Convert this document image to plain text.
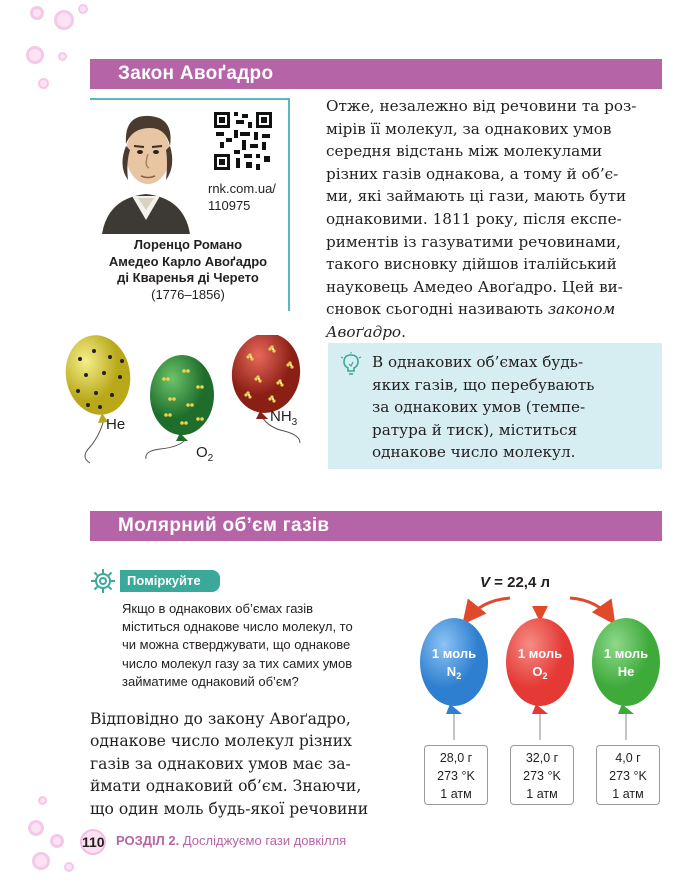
Закон Авоґадро
rnk.com.ua/
110975
Лоренцо Романо
Амедео Карло Авоґадро
ді Кваренья ді Черето
(1776–1856)
Отже, незалежно від речовини та роз-
мірів її молекул, за однакових умов
середня відстань між молекулами
різних газів однакова, а тому й об’є-
ми, які займають ці гази, мають бути
однаковими. 1811 року, після експе-
риментів із газуватими речовинами,
такого висновку дійшов італійський
науковець Амедео Авоґадро. Цей ви-
сновок сьогодні називають законом
Авоґадро.
He
$O_2$
$NH_3$
В однакових об’ємах будь-
яких газів, що перебувають
за однакових умов (темпе-
ратура й тиск), міститься
однакове число молекул.
Молярний об’єм газів
Поміркуйте
Якщо в однакових об’ємах газів
міститься однакове число молекул, то
чи можна стверджувати, що однакове
число молекул газу за тих самих умов
займатиме однаковий об’єм?
V = 22,4 л
1 моль
$N_2$
1 моль
$O_2$
1 моль
He
28,0 г
273 °K
1 атм
32,0 г
273 °K
1 атм
4,0 г
273 °K
1 атм
Відповідно до закону Авоґадро,
однакове число молекул різних
газів за однакових умов має за-
ймати однаковий об’єм. Знаючи,
що один моль будь-якої речовини
110 РОЗДІЛ 2. Досліджуємо гази довкілля
